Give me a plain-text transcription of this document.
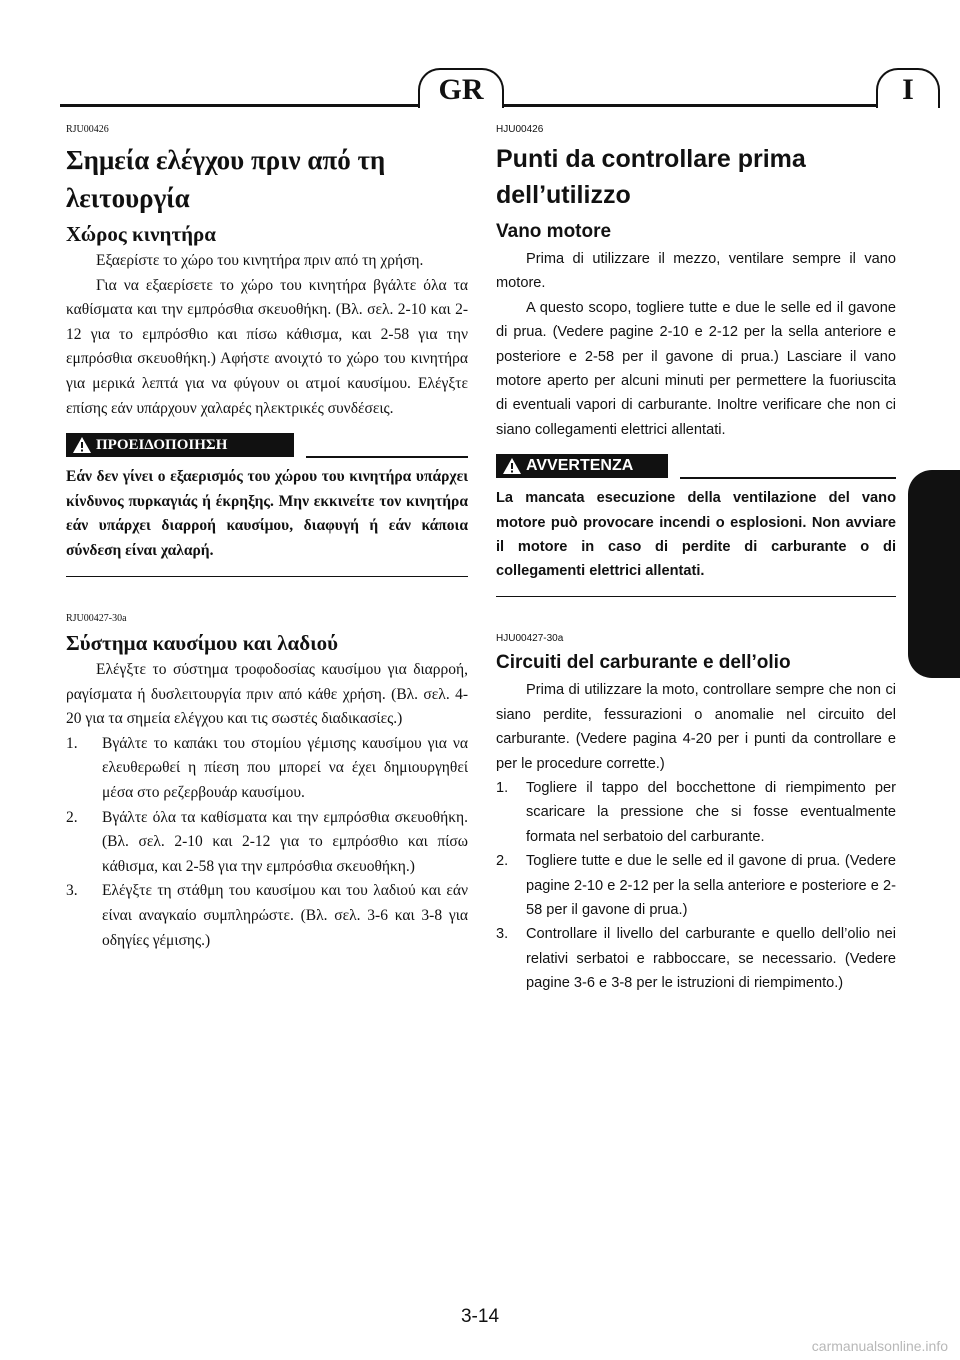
GR	I
RJU00426
Σημεία ελέγχου πριν από τη λειτουργία
Χώρος κινητήρα

Εξαερίστε το χώρο του κινητήρα πριν από τη χρήση.

Για να εξαερίσετε το χώρο του κινητήρα βγάλτε όλα τα καθίσματα και την εμπρόσθια σκευοθήκη. (Βλ. σελ. 2-10 και 2-12 για το εμπρόσθιο και πίσω κάθισμα, και 2-58 για την εμπρόσθια σκευοθήκη.) Αφήστε ανοιχτό το χώρο του κινητήρα για μερικά λεπτά για να φύγουν οι ατμοί καυσίμου. Ελέγξτε επίσης εάν υπάρχουν χαλαρές ηλεκτρικές συνδέσεις.

ΠΡΟΕΙΔΟΠΟΙΗΣΗ

Εάν δεν γίνει ο εξαερισμός του χώρου του κινητήρα υπάρχει κίνδυνος πυρκαγιάς ή έκρηξης. Μην εκκινείτε τον κινητήρα εάν υπάρχει διαρροή καυσίμου, διαφυγή ή εάν κάποια σύνδεση είναι χαλαρή.

RJU00427-30a
Σύστημα καυσίμου και λαδιού

Ελέγξτε το σύστημα τροφοδοσίας καυσίμου για διαρροή, ραγίσματα ή δυσλειτουργία πριν από κάθε χρήση. (Βλ. σελ. 4-20 για τα σημεία ελέγχου και τις σωστές διαδικασίες.)

1. Βγάλτε το καπάκι του στομίου γέμισης καυσίμου για να ελευθερωθεί η πίεση που μπορεί να έχει δημιουργηθεί μέσα στο ρεζερβουάρ καυσίμου.
2. Βγάλτε όλα τα καθίσματα και την εμπρόσθια σκευοθήκη. (Βλ. σελ. 2-10 και 2-12 για το εμπρόσθιο και πίσω κάθισμα, και 2-58 για την εμπρόσθια σκευοθήκη.)
3. Ελέγξτε τη στάθμη του καυσίμου και του λαδιού και εάν είναι αναγκαίο συμπληρώστε. (Βλ. σελ. 3-6 και 3-8 για οδηγίες γέμισης.)
HJU00426
Punti da controllare prima dell’utilizzo
Vano motore

Prima di utilizzare il mezzo, ventilare sempre il vano motore.

A questo scopo, togliere tutte e due le selle ed il gavone di prua. (Vedere pagine 2-10 e 2-12 per la sella anteriore e posteriore e 2-58 per il gavone di prua.) Lasciare il vano motore aperto per alcuni minuti per permettere la fuoriuscita di eventuali vapori di carburante. Inoltre verificare che non ci siano collegamenti elettrici allentati.

AVVERTENZA

La mancata esecuzione della ventilazione del vano motore può provocare incendi o esplosioni. Non avviare il motore in caso di perdite di carburante o di collegamenti elettrici allentati.

HJU00427-30a
Circuiti del carburante e dell’olio

Prima di utilizzare la moto, controllare sempre che non ci siano perdite, fessurazioni o anomalie nel circuito del carburante. (Vedere pagina 4-20 per i punti da controllare e per le procedure corrette.)

1. Togliere il tappo del bocchettone di riempimento per scaricare la pressione che si fosse eventualmente formata nel serbatoio del carburante.
2. Togliere tutte e due le selle ed il gavone di prua. (Vedere pagine 2-10 e 2-12 per la sella anteriore e posteriore e 2-58 per il gavone di prua.)
3. Controllare il livello del carburante e quello dell’olio nei relativi serbatoi e rabboccare, se necessario. (Vedere pagine 3-6 e 3-8 per le istruzioni di riempimento.)
3-14
carmanualsonline.info
